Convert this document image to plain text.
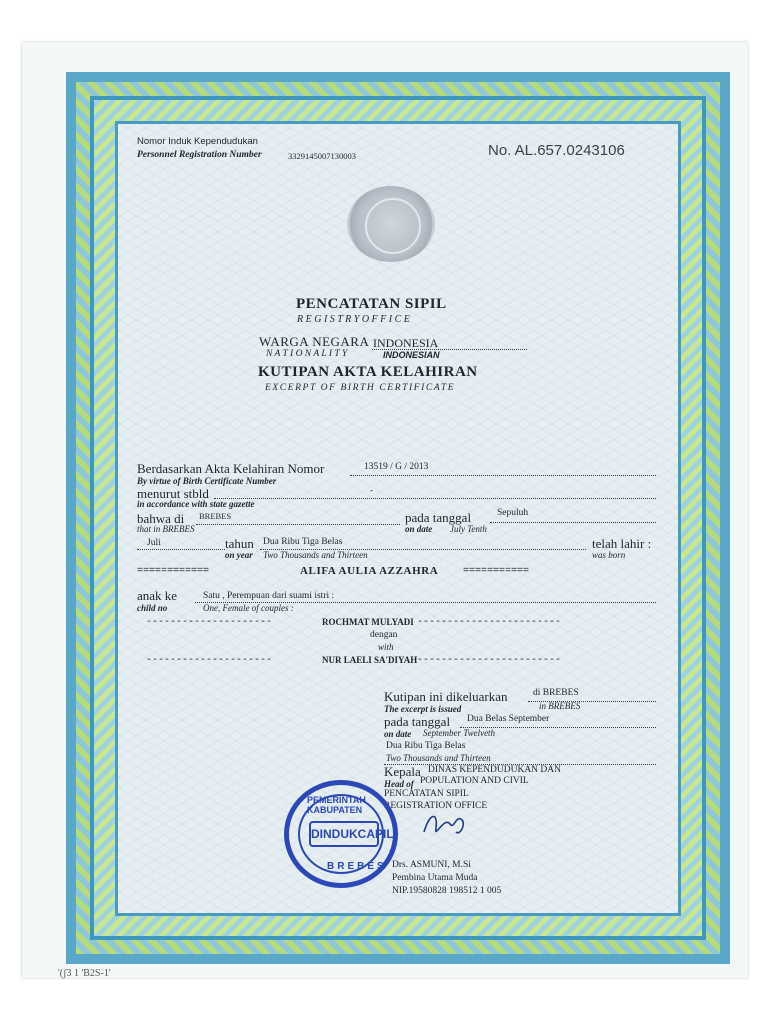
Nomor Induk Kependudukan
Personnel Registration Number	3329145007130003	No. AL.657.0243106
PENCATATAN SIPIL
R E G I S T R Y O F F I C E
WARGA NEGARA INDONESIA
N A T I O N A L I T Y	INDONESIAN
KUTIPAN AKTA KELAHIRAN
EXCERPT OF BIRTH CERTIFICATE
Berdasarkan Akta Kelahiran Nomor	13519 / G / 2013
By virtue of Birth Certificate Number
menurut stbld	-
in accordance with state gazette
bahwa di BREBES
that in BREBES
pada tanggal	Sepuluh
on date July Tenth
Juli	tahun Dua Ribu Tiga Belas
on year Two Thousands and Thirteen
telah lahir :
was born
============	ALIFA AULIA AZZAHRA ===========
anak ke	Satu , Perempuan dari suami istri :
child no	One, Female of couples :
---------------------	ROCHMAT MULYADI ------------------------
dengan
with
---------------------	NUR LAELI SA'DIYAH ------------------------
Kutipan ini dikeluarkan	di BREBES
The excerpt is issued	in BREBES
pada tanggal Dua Belas September
on date September Twelveth
Dua Ribu Tiga Belas
Two Thousands and Thirteen
Kepala DINAS KEPENDUDUKAN DAN
Head of POPULATION AND CIVIL
PENCATATAN SIPIL
REGISTRATION OFFICE
Drs. ASMUNI, M.Si
Pembina Utama Muda
NIP.19580828 198512 1 005
PEMERINTAH KABUPATEN
DINDUKCAPIL
BREBES
'(ʃ3 1 'B2S-1'
